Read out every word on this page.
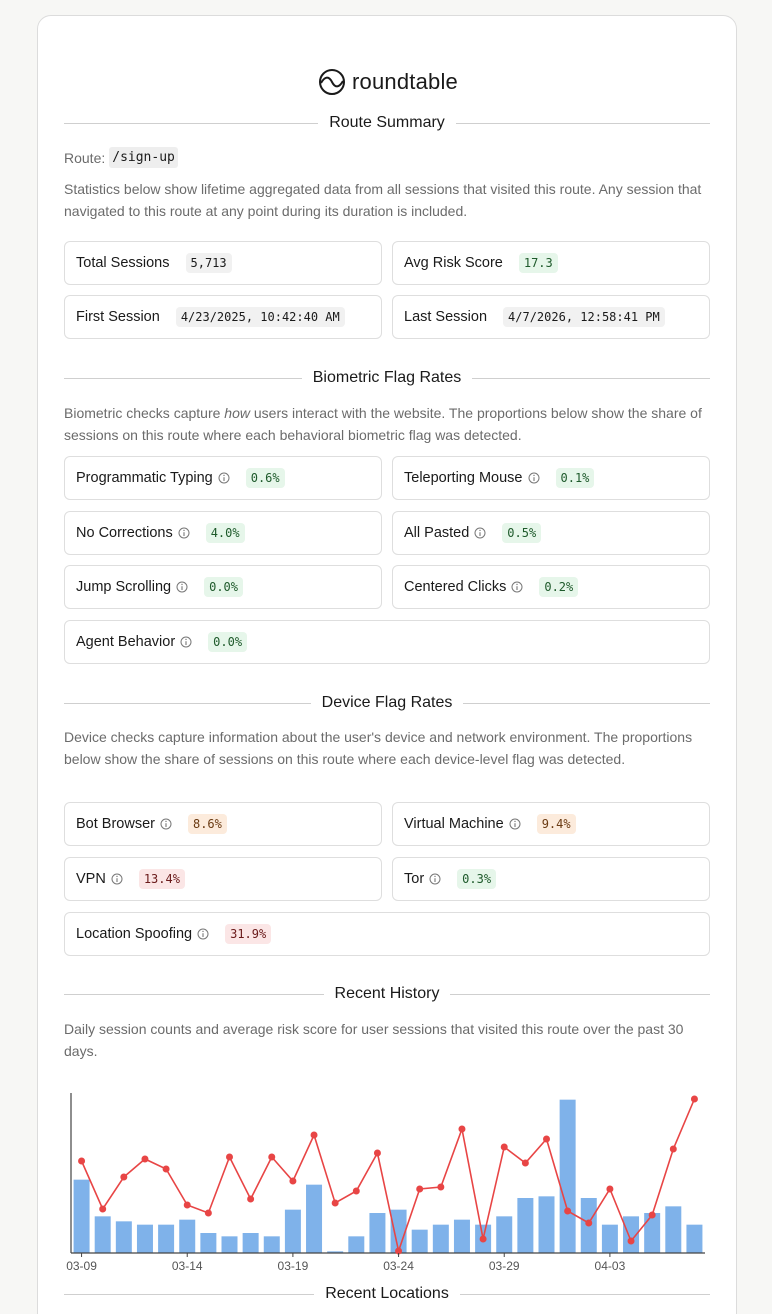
roundtable
Route Summary
Route: /sign-up
Statistics below show lifetime aggregated data from all sessions that visited this route. Any session that navigated to this route at any point during its duration is included.
Total Sessions	5,713	Avg Risk Score	17.3
First Session	4/23/2025, 10:42:40 AM	Last Session	4/7/2026, 12:58:41 PM
Biometric Flag Rates
Biometric checks capture how users interact with the website. The proportions below show the share of sessions on this route where each behavioral biometric flag was detected.
Programmatic Typing	0.6%	Teleporting Mouse	0.1%
No Corrections	4.0%	All Pasted	0.5%
Jump Scrolling	0.0%	Centered Clicks	0.2%
Agent Behavior	0.0%
Device Flag Rates
Device checks capture information about the user's device and network environment. The proportions below show the share of sessions on this route where each device-level flag was detected.
Bot Browser	8.6%	Virtual Machine	9.4%
VPN	13.4%	Tor	0.3%
Location Spoofing	31.9%
Recent History
Daily session counts and average risk score for user sessions that visited this route over the past 30 days.
03-09	03-14	03-19	03-24	03-29	04-03
Recent Locations
